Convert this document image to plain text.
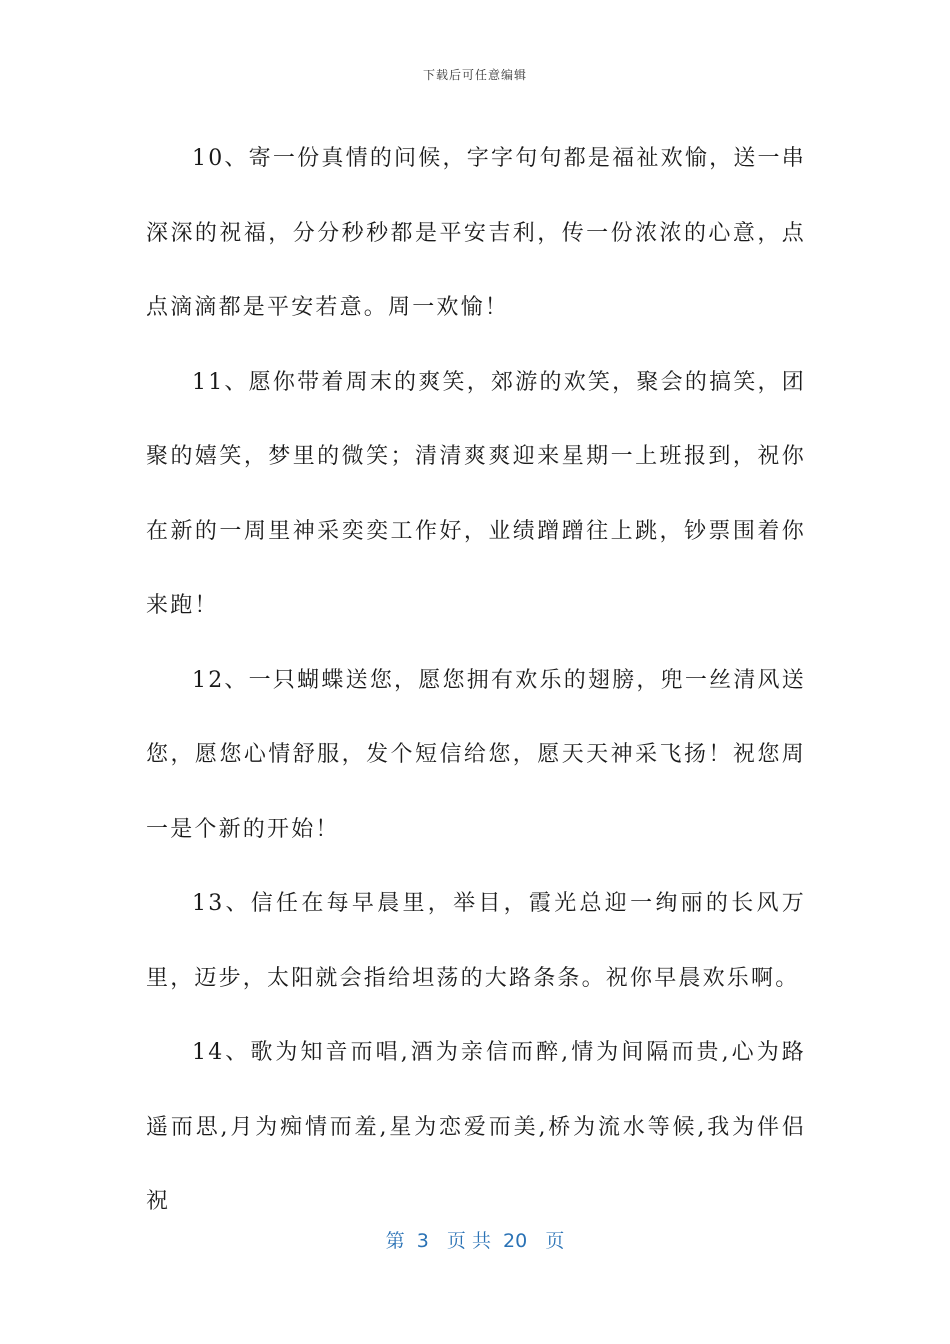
下载后可任意编辑

10、寄一份真情的问候，字字句句都是福祉欢愉，送一串深深的祝福，分分秒秒都是平安吉利，传一份浓浓的心意，点点滴滴都是平安若意。周一欢愉！

11、愿你带着周末的爽笑，郊游的欢笑，聚会的搞笑，团聚的嬉笑，梦里的微笑；清清爽爽迎来星期一上班报到，祝你在新的一周里神采奕奕工作好，业绩蹭蹭往上跳，钞票围着你来跑！

12、一只蝴蝶送您，愿您拥有欢乐的翅膀，兜一丝清风送您，愿您心情舒服，发个短信给您，愿天天神采飞扬！祝您周一是个新的开始！

13、信任在每早晨里，举目，霞光总迎一绚丽的长风万里，迈步，太阳就会指给坦荡的大路条条。祝你早晨欢乐啊。

14、歌为知音而唱,酒为亲信而醉,情为间隔而贵,心为路遥而思,月为痴情而羞,星为恋爱而美,桥为流水等候,我为伴侣祝

第  3   页 共  20   页
